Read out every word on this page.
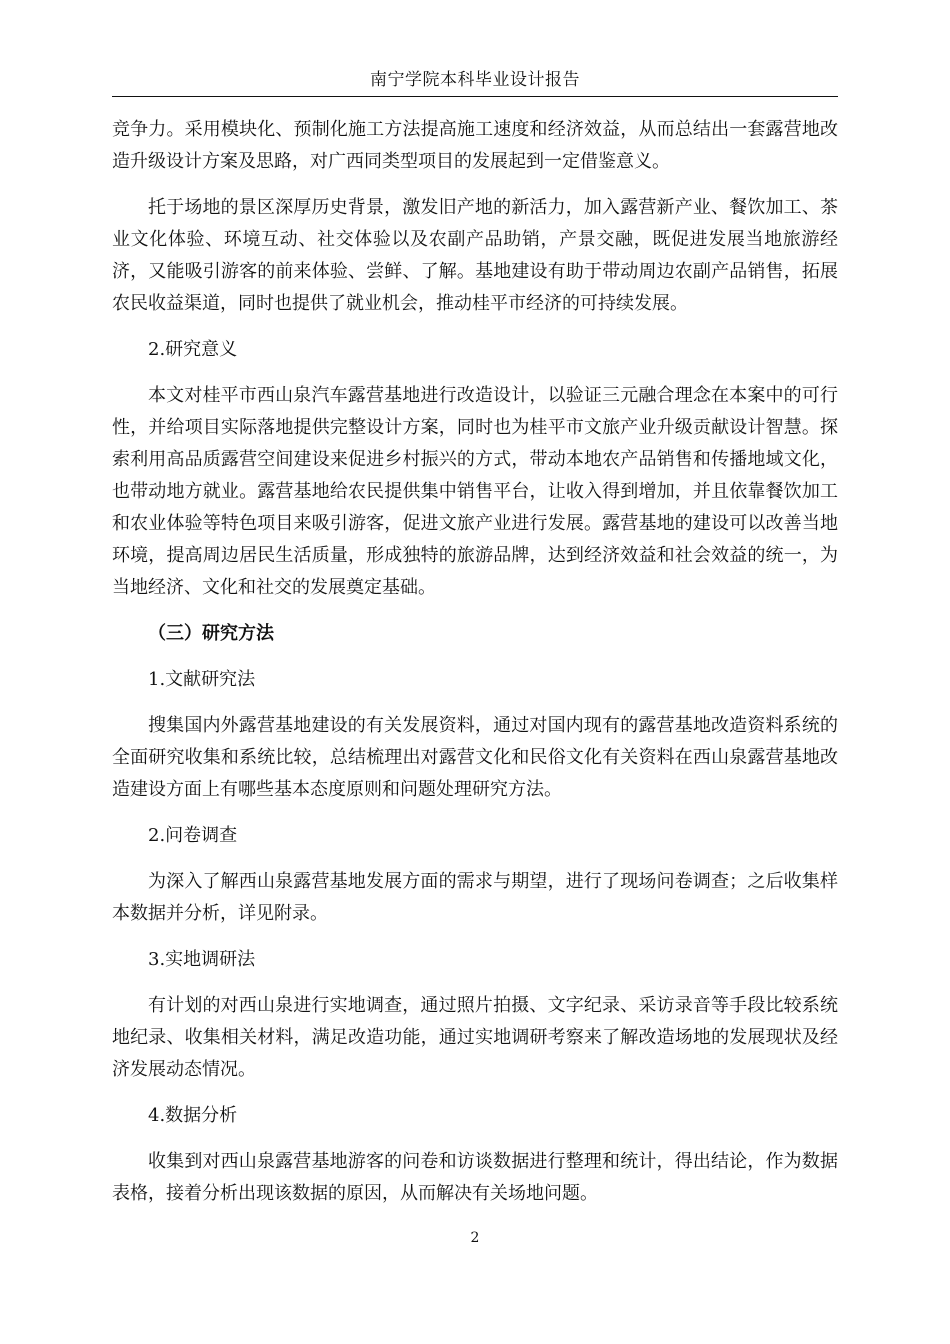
南宁学院本科毕业设计报告

竞争力。采用模块化、预制化施工方法提高施工速度和经济效益，从而总结出一套露营地改造升级设计方案及思路，对广西同类型项目的发展起到一定借鉴意义。

托于场地的景区深厚历史背景，激发旧产地的新活力，加入露营新产业、餐饮加工、茶业文化体验、环境互动、社交体验以及农副产品助销，产景交融，既促进发展当地旅游经济，又能吸引游客的前来体验、尝鲜、了解。基地建设有助于带动周边农副产品销售，拓展农民收益渠道，同时也提供了就业机会，推动桂平市经济的可持续发展。

2.研究意义

本文对桂平市西山泉汽车露营基地进行改造设计，以验证三元融合理念在本案中的可行性，并给项目实际落地提供完整设计方案，同时也为桂平市文旅产业升级贡献设计智慧。探索利用高品质露营空间建设来促进乡村振兴的方式，带动本地农产品销售和传播地域文化，也带动地方就业。露营基地给农民提供集中销售平台，让收入得到增加，并且依靠餐饮加工和农业体验等特色项目来吸引游客，促进文旅产业进行发展。露营基地的建设可以改善当地环境，提高周边居民生活质量，形成独特的旅游品牌，达到经济效益和社会效益的统一，为当地经济、文化和社交的发展奠定基础。

（三）研究方法

1.文献研究法

搜集国内外露营基地建设的有关发展资料，通过对国内现有的露营基地改造资料系统的全面研究收集和系统比较，总结梳理出对露营文化和民俗文化有关资料在西山泉露营基地改造建设方面上有哪些基本态度原则和问题处理研究方法。

2.问卷调查

为深入了解西山泉露营基地发展方面的需求与期望，进行了现场问卷调查；之后收集样本数据并分析，详见附录。

3.实地调研法

有计划的对西山泉进行实地调查，通过照片拍摄、文字纪录、采访录音等手段比较系统地纪录、收集相关材料，满足改造功能，通过实地调研考察来了解改造场地的发展现状及经济发展动态情况。

4.数据分析

收集到对西山泉露营基地游客的问卷和访谈数据进行整理和统计，得出结论，作为数据表格，接着分析出现该数据的原因，从而解决有关场地问题。

2
